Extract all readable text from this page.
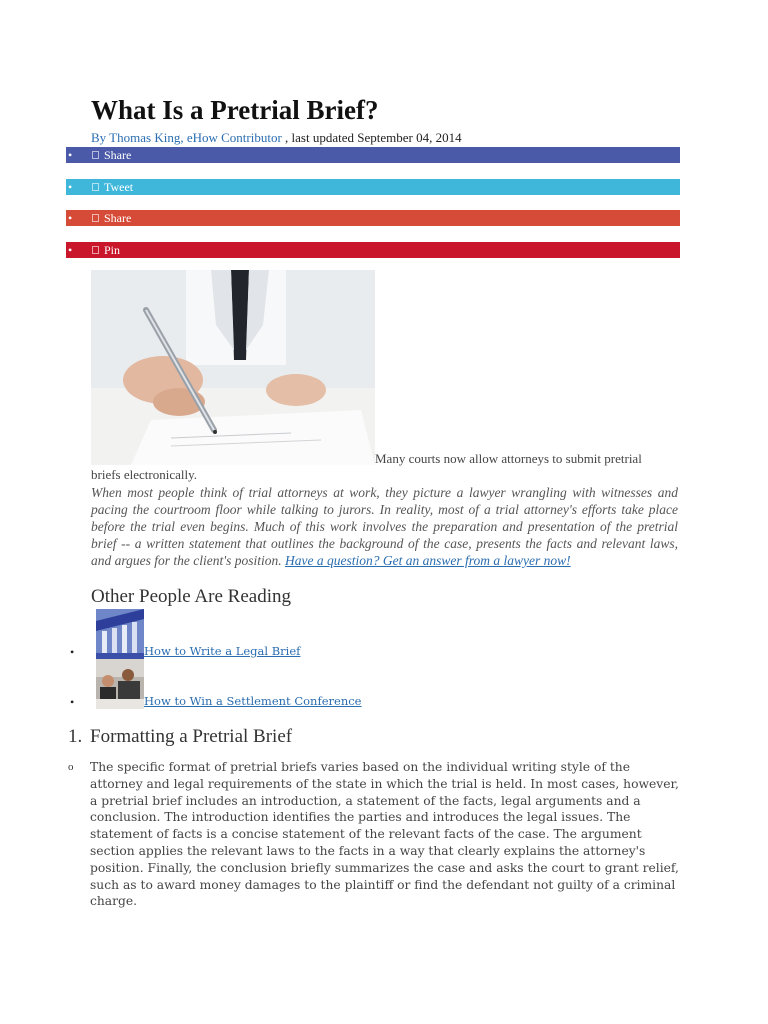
What Is a Pretrial Brief?
By Thomas King, eHow Contributor , last updated September 04, 2014
•	Share
•	Tweet
•	Share
•	Pin
Many courts now allow attorneys to submit pretrial briefs electronically.

When most people think of trial attorneys at work, they picture a lawyer wrangling with witnesses and pacing the courtroom floor while talking to jurors. In reality, most of a trial attorney's efforts take place before the trial even begins. Much of this work involves the preparation and presentation of the pretrial brief -- a written statement that outlines the background of the case, presents the facts and relevant laws, and argues for the client's position. Have a question? Get an answer from a lawyer now!

Other People Are Reading
•	How to Write a Legal Brief
•	How to Win a Settlement Conference
1. Formatting a Pretrial Brief
o The specific format of pretrial briefs varies based on the individual writing style of the attorney and legal requirements of the state in which the trial is held. In most cases, however, a pretrial brief includes an introduction, a statement of the facts, legal arguments and a conclusion. The introduction identifies the parties and introduces the legal issues. The statement of facts is a concise statement of the relevant facts of the case. The argument section applies the relevant laws to the facts in a way that clearly explains the attorney's position. Finally, the conclusion briefly summarizes the case and asks the court to grant relief, such as to award money damages to the plaintiff or find the defendant not guilty of a criminal charge.
